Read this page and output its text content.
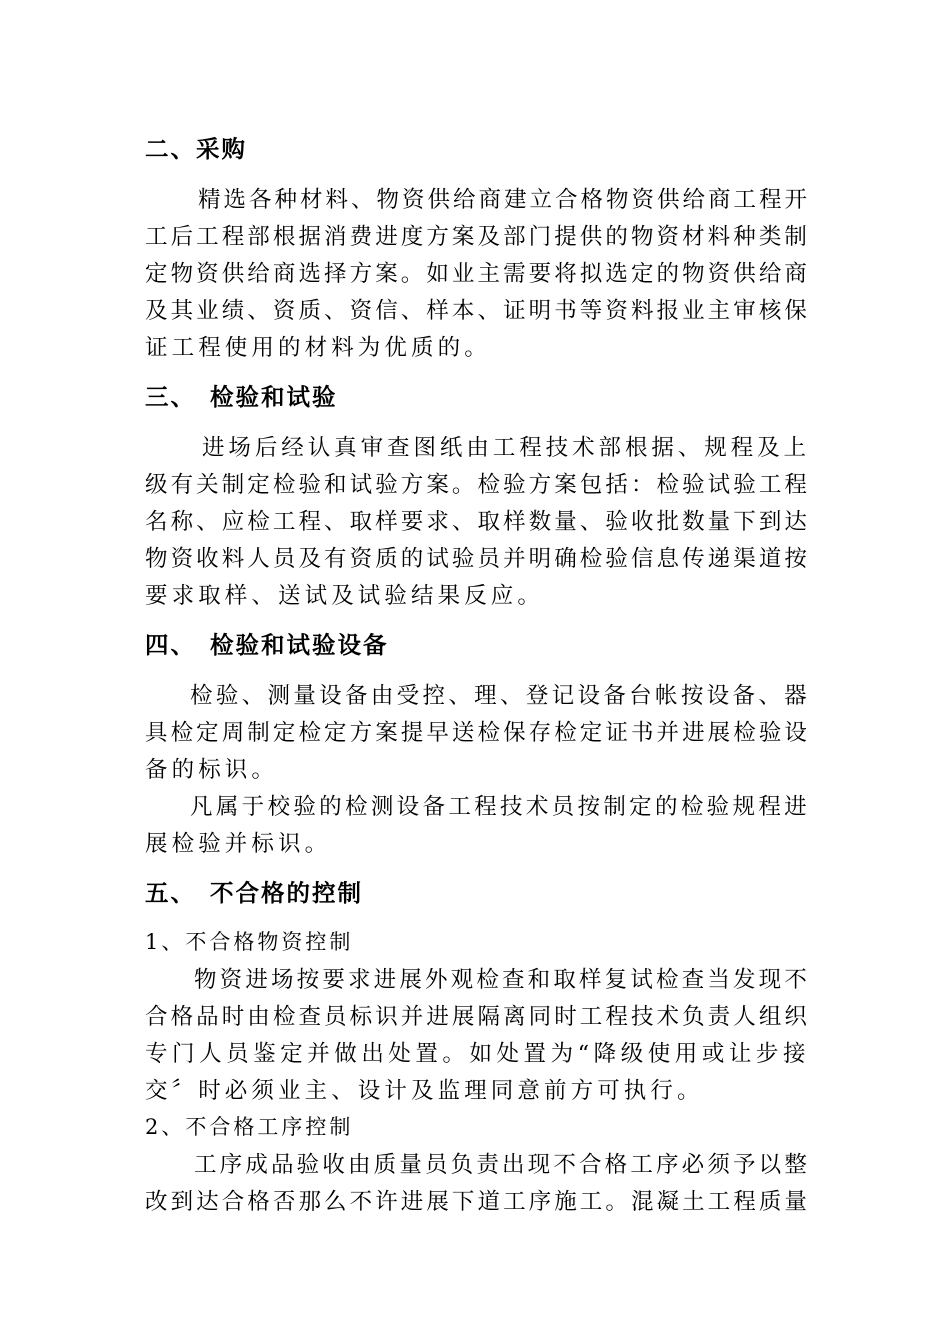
二、采购
精选各种材料、物资供给商建立合格物资供给商工程开
工后工程部根据消费进度方案及部门提供的物资材料种类制
定物资供给商选择方案。如业主需要将拟选定的物资供给商
及其业绩、资质、资信、样本、证明书等资料报业主审核保
证工程使用的材料为优质的。
三、 检验和试验
进场后经认真审查图纸由工程技术部根据、规程及上
级有关制定检验和试验方案。检验方案包括：检验试验工程
名称、应检工程、取样要求、取样数量、验收批数量下到达
物资收料人员及有资质的试验员并明确检验信息传递渠道按
要求取样、送试及试验结果反应。
四、 检验和试验设备
检验、测量设备由受控、理、登记设备台帐按设备、器
具检定周制定检定方案提早送检保存检定证书并进展检验设
备的标识。
凡属于校验的检测设备工程技术员按制定的检验规程进
展检验并标识。
五、 不合格的控制
1、不合格物资控制
物资进场按要求进展外观检查和取样复试检查当发现不
合格品时由检查员标识并进展隔离同时工程技术负责人组织
专门人员鉴定并做出处置。如处置为“降级使用或让步接
交〞时必须业主、设计及监理同意前方可执行。
2、不合格工序控制
工序成品验收由质量员负责出现不合格工序必须予以整
改到达合格否那么不许进展下道工序施工。混凝土工程质量
